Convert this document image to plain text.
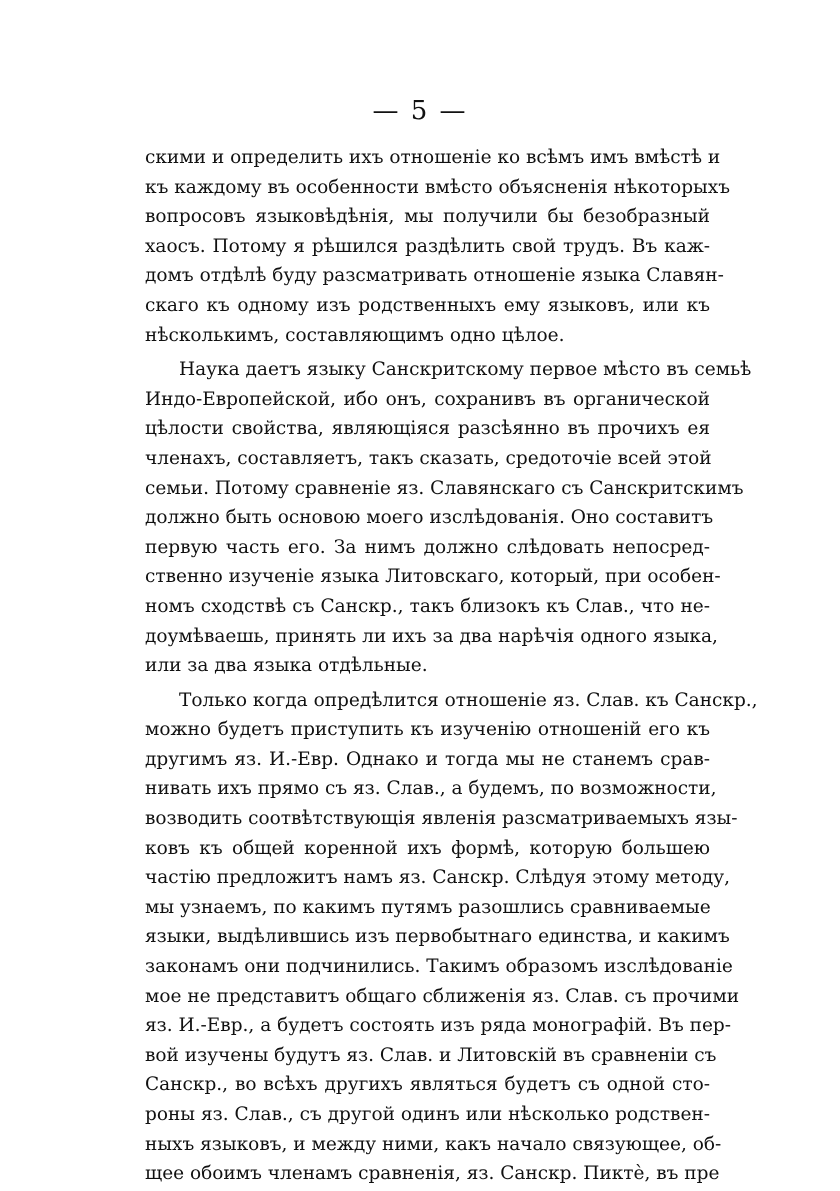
— 5 —
скими и определить ихъ отношеніе ко всѣмъ имъ вмѣстѣ и
къ каждому въ особенности вмѣсто объясненія нѣкоторыхъ
вопросовъ языковѣдѣнія, мы получили бы безобразный
хаосъ. Потому я рѣшился раздѣлить свой трудъ. Въ каж-
домъ отдѣлѣ буду разсматривать отношеніе языка Славян-
скаго къ одному изъ родственныхъ ему языковъ, или къ
нѣсколькимъ, составляющимъ одно цѣлое.
Наука даетъ языку Санскритскому первое мѣсто въ семьѣ
Индо-Европейской, ибо онъ, сохранивъ въ органической
цѣлости свойства, являющіяся разсѣянно въ прочихъ ея
членахъ, составляетъ, такъ сказать, средоточіе всей этой
семьи. Потому сравненіе яз. Славянскаго съ Санскритскимъ
должно быть основою моего изслѣдованія. Оно составитъ
первую часть его. За нимъ должно слѣдовать непосред-
ственно изученіе языка Литовскаго, который, при особен-
номъ сходствѣ съ Санскр., такъ близокъ къ Слав., что не-
доумѣваешь, принять ли ихъ за два нарѣчія одного языка,
или за два языка отдѣльные.
Только когда опредѣлится отношеніе яз. Слав. къ Санскр.,
можно будетъ приступить къ изученію отношеній его къ
другимъ яз. И.-Евр. Однако и тогда мы не станемъ срав-
нивать ихъ прямо съ яз. Слав., а будемъ, по возможности,
возводить соотвѣтствующія явленія разсматриваемыхъ язы-
ковъ къ общей коренной ихъ формѣ, которую большею
частію предложитъ намъ яз. Санскр. Слѣдуя этому методу,
мы узнаемъ, по какимъ путямъ разошлись сравниваемые
языки, выдѣлившись изъ первобытнаго единства, и какимъ
законамъ они подчинились. Такимъ образомъ изслѣдованіе
мое не представитъ общаго сближенія яз. Слав. съ прочими
яз. И.-Евр., а будетъ состоять изъ ряда монографій. Въ пер-
вой изучены будутъ яз. Слав. и Литовскій въ сравненіи съ
Санскр., во всѣхъ другихъ являться будетъ съ одной сто-
роны яз. Слав., съ другой одинъ или нѣсколько родствен-
ныхъ языковъ, и между ними, какъ начало связующее, об-
щее обоимъ членамъ сравненія, яз. Санскр. Пиктѐ, въ пре
